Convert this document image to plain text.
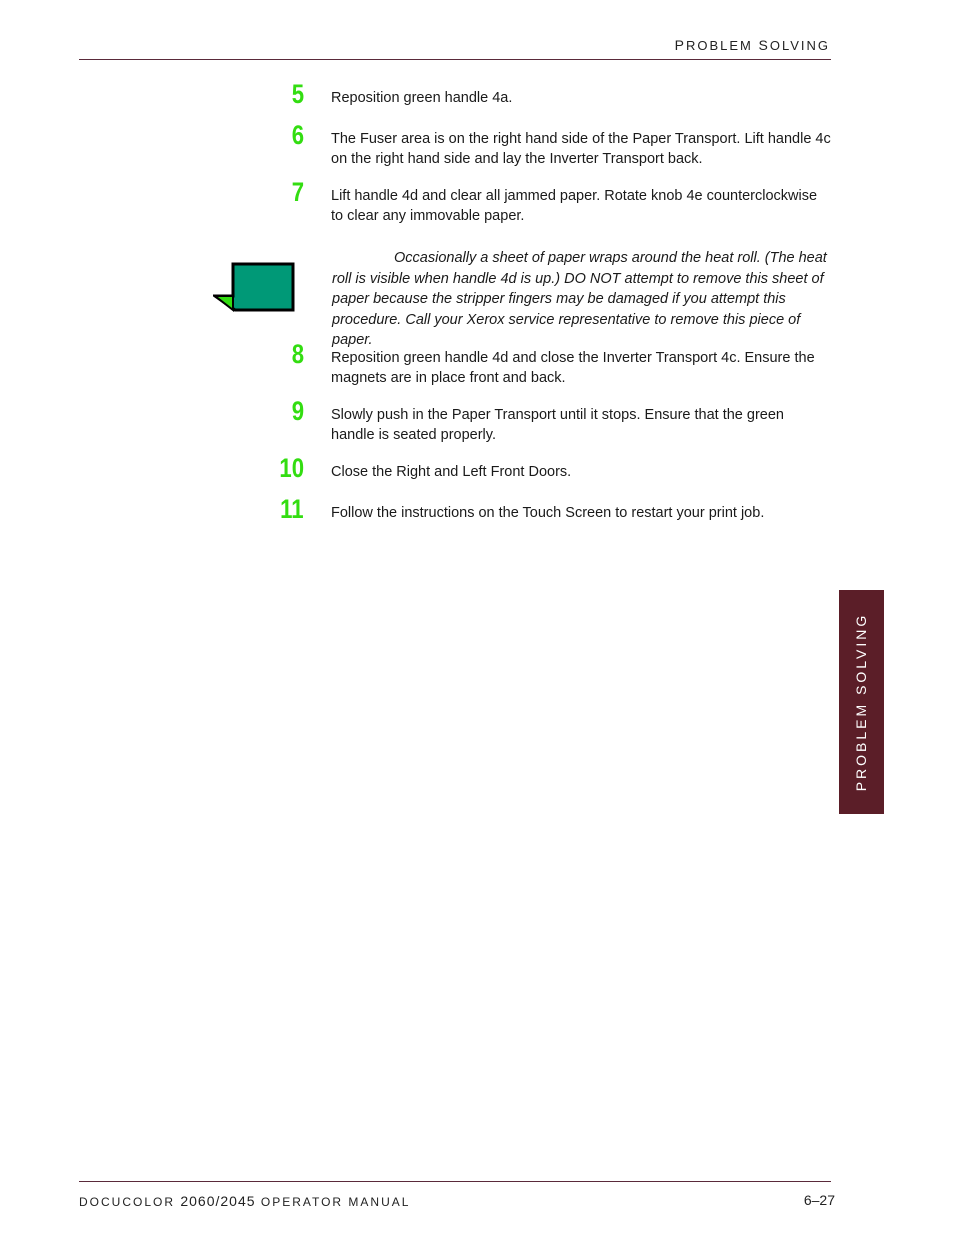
PROBLEM SOLVING
5 Reposition green handle 4a.
6 The Fuser area is on the right hand side of the Paper Transport. Lift handle 4c on the right hand side and lay the Inverter Transport back.
7 Lift handle 4d and clear all jammed paper. Rotate knob 4e counterclockwise to clear any immovable paper.
Occasionally a sheet of paper wraps around the heat roll. (The heat roll is visible when handle 4d is up.) DO NOT attempt to remove this sheet of paper because the stripper fingers may be damaged if you attempt this procedure. Call your Xerox service representative to remove this piece of paper.
8 Reposition green handle 4d and close the Inverter Transport 4c. Ensure the magnets are in place front and back.
9 Slowly push in the Paper Transport until it stops. Ensure that the green handle is seated properly.
10 Close the Right and Left Front Doors.
11 Follow the instructions on the Touch Screen to restart your print job.
PROBLEM SOLVING
DOCUCOLOR 2060/2045 OPERATOR MANUAL	6–27
